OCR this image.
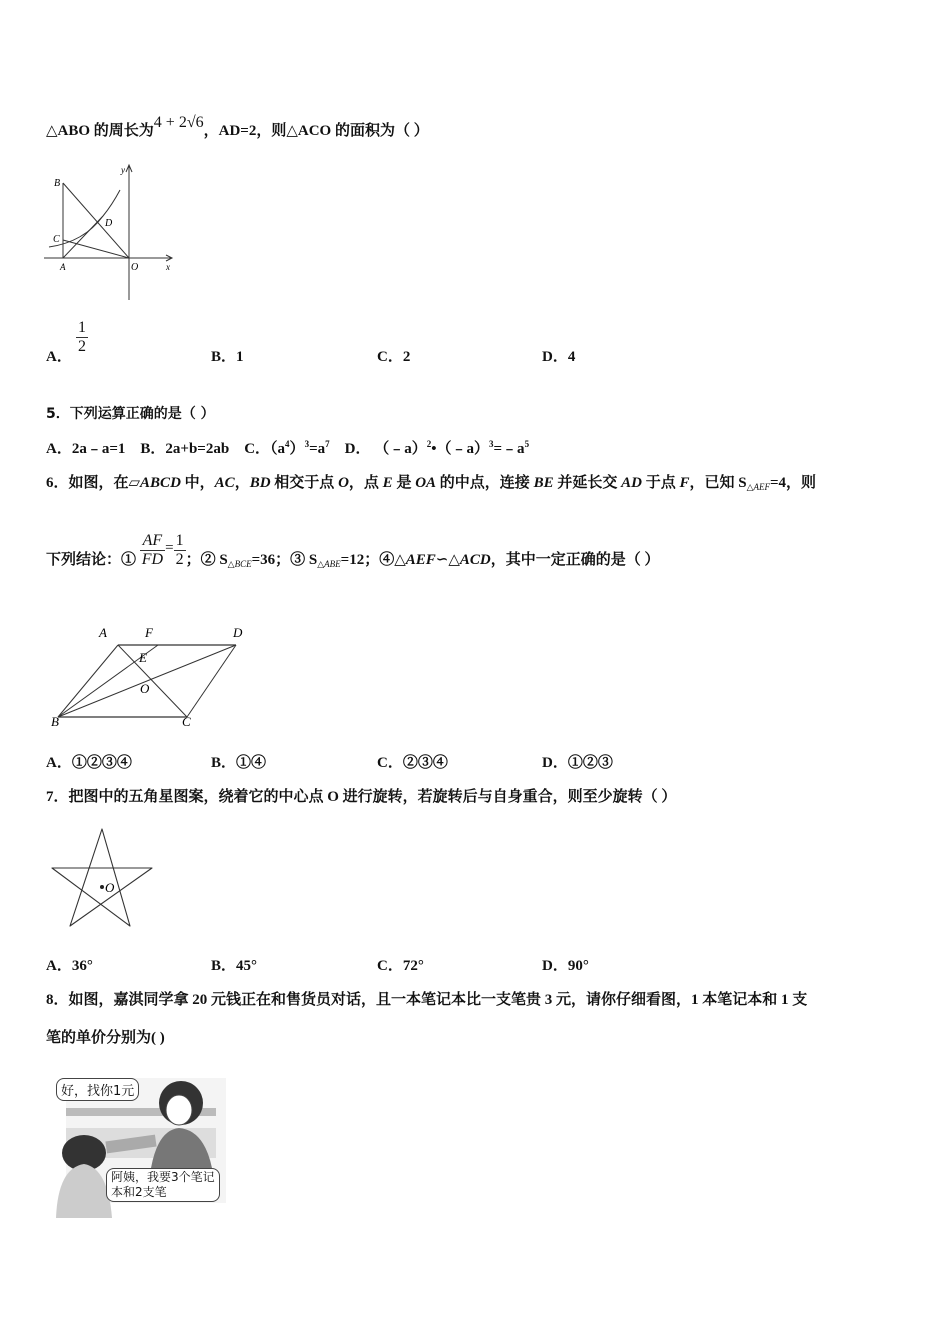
△ABO 的周长为4 + 2√6，AD=2，则△ACO 的面积为（ ）
B
C
D
A	O	x
y
A．
$\frac{1}{2}$
B．1	C．2	D．4
5．下列运算正确的是（ ）
A．2a﹣a=1 B．2a+b=2ab C．$(a^4)^3=a^7$ D． $(﹣a)^2•(﹣a)^3=﹣a^5$
6．如图，在▱ABCD 中，AC，BD 相交于点 O，点 E 是 OA 的中点，连接 BE 并延长交 AD 于点 F，已知 $S_{\triangle AEF}=4$，则
下列结论：① $\frac{AF}{FD} = \frac{1}{2}$ ；② $S_{\triangle BCE}=36$；③ $S_{\triangle ABE}=12$；④△AEF∽△ACD，其中一定正确的是（ ）
A	F	D
E
O
B	C
A．①②③④	B．①④	C．②③④	D．①②③
7．把图中的五角星图案，绕着它的中心点 O 进行旋转，若旋转后与自身重合，则至少旋转（ ）
O
A．36°	B．45°	C．72°	D．90°
8．如图，嘉淇同学拿 20 元钱正在和售货员对话，且一本笔记本比一支笔贵 3 元，请你仔细看图，1 本笔记本和 1 支
笔的单价分别为( )
好，找你1元
阿姨，我要3个笔记
本和2支笔
